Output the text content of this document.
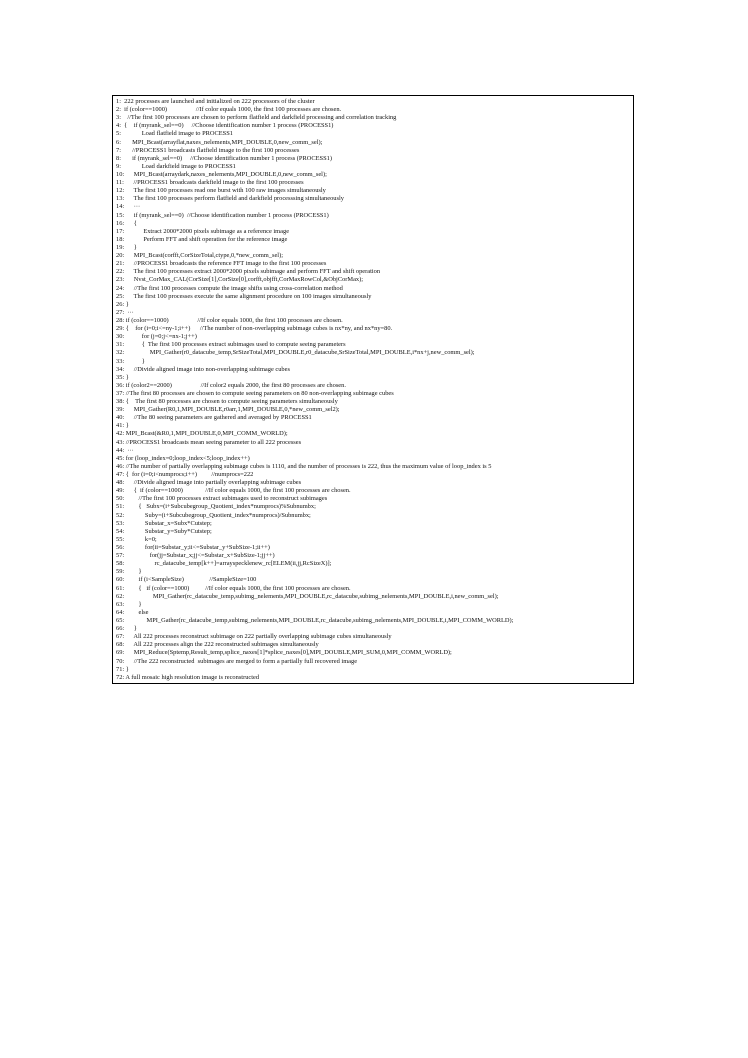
1:  222 processes are launched and initialized on 222 processors of the cluster
2:  if (color==1000)                  //If color equals 1000, the first 100 processes are chosen.
3:    //The first 100 processes are chosen to perform flatfield and darkfield processing and correlation tracking
4:  {    if (myrank_sel==0)     //Choose identification number 1 process (PROCESS1)
5:             Load flatfield image to PROCESS1
6:       MPI_Bcast(arrayflat,naxes_nelements,MPI_DOUBLE,0,new_comm_sel);
7:       //PROCESS1 broadcasts flatfield image to the first 100 processes
8:       if (myrank_sel==0)     //Choose identification number 1 process (PROCESS1)
9:             Load darkfield image to PROCESS1
10:      MPI_Bcast(arraydark,naxes_nelements,MPI_DOUBLE,0,new_comm_sel);
11:      //PROCESS1 broadcasts darkfield image to the first 100 processes
12:      The first 100 processes read one burst with 100 raw images simultaneously
13:      The first 100 processes perform flatfield and darkfield processsing simultaneously
14:      ···
15:      if (myrank_sel==0)  //Choose identification number 1 process (PROCESS1)
16:      {
17:            Extract 2000*2000 pixels subimage as a reference image
18:            Perform FFT and shift operation for the reference image
19:      }
20:      MPI_Bcast(corfft,CorSizeTotal,ctype,0,*new_comm_sel);
21:      //PROCESS1 broadcasts the reference FFT image to the first 100 processes
22:      The first 100 processes extract 2000*2000 pixels subimage and perform FFT and shift operation
23:      Nvst_CorMax_CAL(CorSize[1],CorSize[0],corfft,objfft,CorMaxRowCol,&ObjCorMax);
24:      //The first 100 processes compute the image shifts using cross-correlation method
25:      The first 100 processes execute the same alignment procedure on 100 images simultaneously
26: }
27:  ···
28: if (color==1000)                  //If color equals 1000, the first 100 processes are chosen.
29: {    for (i=0;i<=ny-1;i++)      //The number of non-overlapping subimage cubes is nx*ny, and nx*ny=80.
30:           for (j=0;j<=nx-1;j++)
31:           {  The first 100 processes extract subimages used to compute seeing parameters
32:                MPI_Gather(r0_datacube_temp,SrSizeTotal,MPI_DOUBLE,r0_datacube,SrSizeTotal,MPI_DOUBLE,i*nx+j,new_comm_sel);
33:           }
34:      //Divide aligned image into non-overlapping subimage cubes
35: }
36: if (color2==2000)                  //If color2 equals 2000, the first 80 processes are chosen.
37: //The first 80 processes are chosen to compute seeing parameters on 80 non-overlapping subimage cubes
38: {    The first 80 processes are chosen to compute seeing parameters simultaneously
39:      MPI_Gather(R0,1,MPI_DOUBLE,r0arr,1,MPI_DOUBLE,0,*new_comm_sel2);
40:      //The 80 seeing parameters are gathered and averaged by PROCESS1
41: }
42: MPI_Bcast(&R0,1,MPI_DOUBLE,0,MPI_COMM_WORLD);
43: //PROCESS1 broadcasts mean seeing parameter to all 222 processes
44:  ···
45: for (loop_index=0;loop_index<5;loop_index++)
46: //The number of partially overlapping subimage cubes is 1110, and the number of processes is 222, thus the maximum value of loop_index is 5
47: {  for (i=0;i<numprocs;i++)         //numprocs=222
48:      //Divide aligned image into partially overlapping subimage cubes
49:      {  if (color==1000)              //If color equals 1000, the first 100 processes are chosen.
50:         //The first 100 processes extract subimages used to reconstruct subimages
51:         {   Subx=(i+Subcubegroup_Quotient_index*numprocs)%Subnumbx;
52:             Suby=(i+Subcubegroup_Quotient_index*numprocs)/Subnumbx;
53:             Substar_x=Subx*Cutstep;
54:             Substar_y=Suby*Cutstep;
55:             k=0;
56:             for(ii=Substar_y;ii<=Substar_y+SubSize-1;ii++)
57:                for(jj=Substar_x;jj<=Substar_x+SubSize-1;jj++)
58:                   rc_datacube_temp[k++]=arrayspecklenew_rc[ELEM(ii,jj,RcSizeX)];
59:         }
60:         if (i<SampleSize)                //SampleSize=100
61:         {   if (color==1000)          //If color equals 1000, the first 100 processes are chosen.
62:                  MPI_Gather(rc_datacube_temp,subimg_nelements,MPI_DOUBLE,rc_datacube,subimg_nelements,MPI_DOUBLE,i,new_comm_sel);
63:         }
64:         else
65:              MPI_Gather(rc_datacube_temp,subimg_nelements,MPI_DOUBLE,rc_datacube,subimg_nelements,MPI_DOUBLE,i,MPI_COMM_WORLD);
66:      }
67:      All 222 processes reconstruct subimage on 222 partially overlapping subimage cubes simultaneously
68:      All 222 processes align the 222 reconstructed subimages simultaneously
69:      MPI_Reduce(Sptemp,Result_temp,splice_naxes[1]*splice_naxes[0],MPI_DOUBLE,MPI_SUM,0,MPI_COMM_WORLD);
70:      //The 222 reconstructed  subimages are merged to form a partially full recovered image
71: }
72: A full mosaic high resolution image is reconstructed
